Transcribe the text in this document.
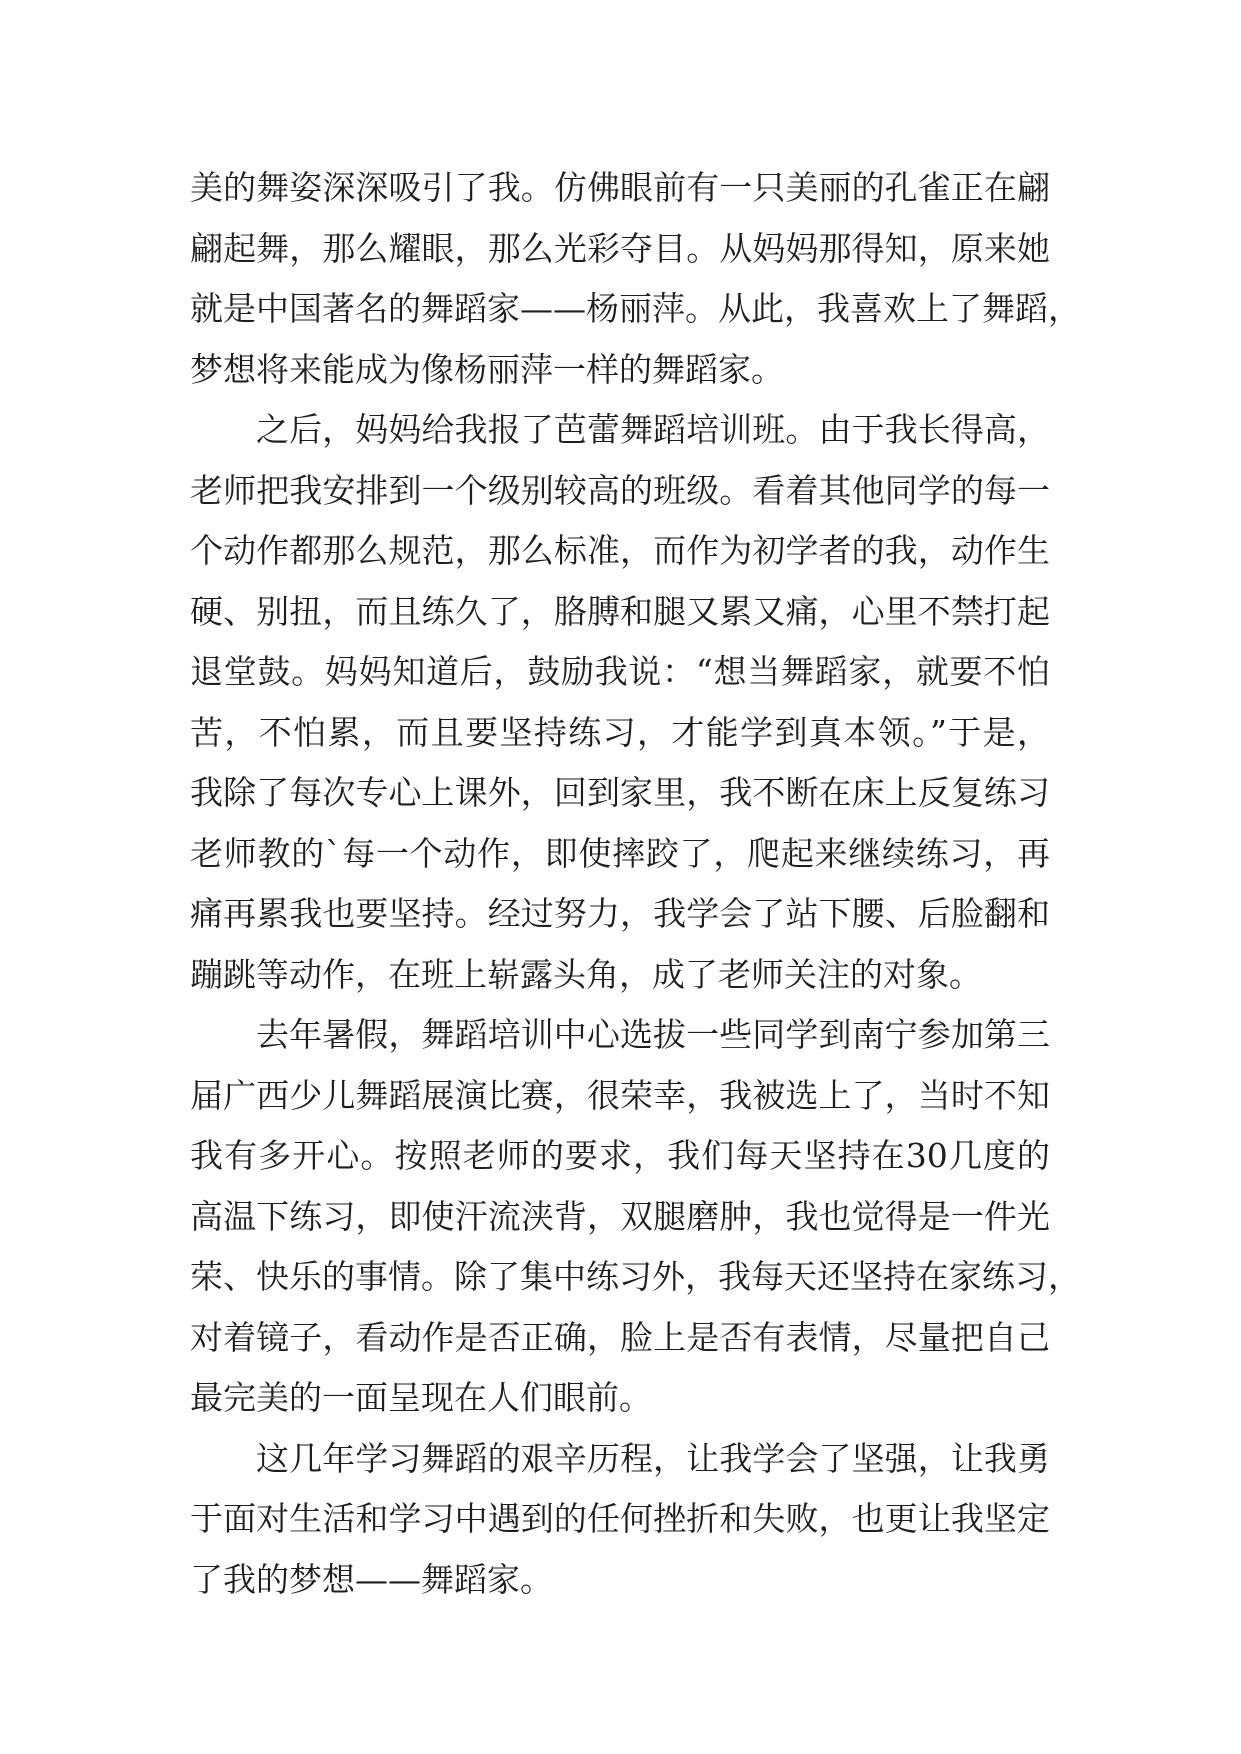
美的舞姿深深吸引了我。仿佛眼前有一只美丽的孔雀正在翩
翩起舞，那么耀眼，那么光彩夺目。从妈妈那得知，原来她
就是中国著名的舞蹈家——杨丽萍。从此，我喜欢上了舞蹈，
梦想将来能成为像杨丽萍一样的舞蹈家。
之后，妈妈给我报了芭蕾舞蹈培训班。由于我长得高，
老师把我安排到一个级别较高的班级。看着其他同学的每一
个动作都那么规范，那么标准，而作为初学者的我，动作生
硬、别扭，而且练久了，胳膊和腿又累又痛，心里不禁打起
退堂鼓。妈妈知道后，鼓励我说：“想当舞蹈家，就要不怕
苦，不怕累，而且要坚持练习，才能学到真本领。”于是，
我除了每次专心上课外，回到家里，我不断在床上反复练习
老师教的`每一个动作，即使摔跤了，爬起来继续练习，再
痛再累我也要坚持。经过努力，我学会了站下腰、后脸翻和
蹦跳等动作，在班上崭露头角，成了老师关注的对象。
去年暑假，舞蹈培训中心选拔一些同学到南宁参加第三
届广西少儿舞蹈展演比赛，很荣幸，我被选上了，当时不知
我有多开心。按照老师的要求，我们每天坚持在30几度的
高温下练习，即使汗流浃背，双腿磨肿，我也觉得是一件光
荣、快乐的事情。除了集中练习外，我每天还坚持在家练习，
对着镜子，看动作是否正确，脸上是否有表情，尽量把自己
最完美的一面呈现在人们眼前。
这几年学习舞蹈的艰辛历程，让我学会了坚强，让我勇
于面对生活和学习中遇到的任何挫折和失败，也更让我坚定
了我的梦想——舞蹈家。
